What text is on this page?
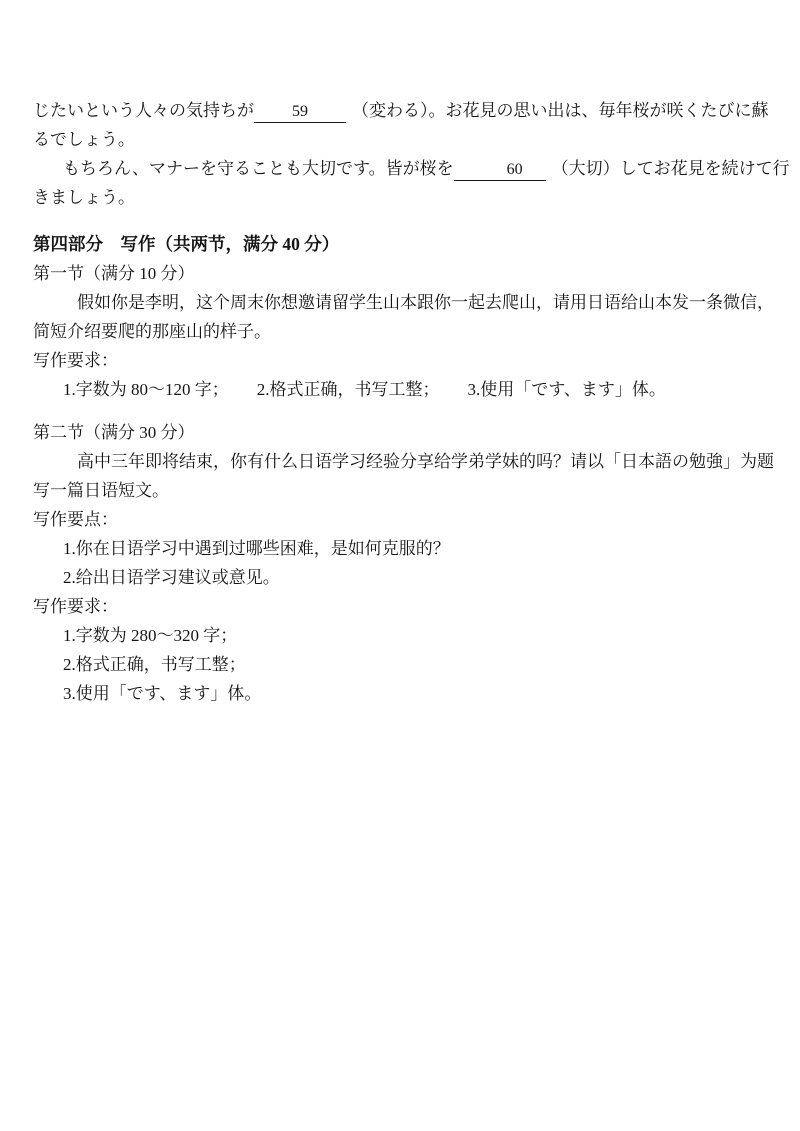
じたいという人々の気持ちが 59	（変わる）。お花見の思い出は、毎年桜が咲くたびに蘇
るでしょう。
もちろん、マナーを守ることも大切です。皆が桜を	60 （大切）してお花見を続けて行
きましょう。
第四部分　写作（共两节，满分 40 分）
第一节（满分 10 分）
假如你是李明，这个周末你想邀请留学生山本跟你一起去爬山，请用日语给山本发一条微信，
简短介绍要爬的那座山的样子。
写作要求：
1.字数为 80～120 字； 2.格式正确，书写工整； 3.使用「です、ます」体。
第二节（满分 30 分）
高中三年即将结束，你有什么日语学习经验分享给学弟学妹的吗？请以「日本語の勉強」为题
写一篇日语短文。
写作要点：
1.你在日语学习中遇到过哪些困难，是如何克服的？
2.给出日语学习建议或意见。
写作要求：
1.字数为 280～320 字；
2.格式正确，书写工整；
3.使用「です、ます」体。
